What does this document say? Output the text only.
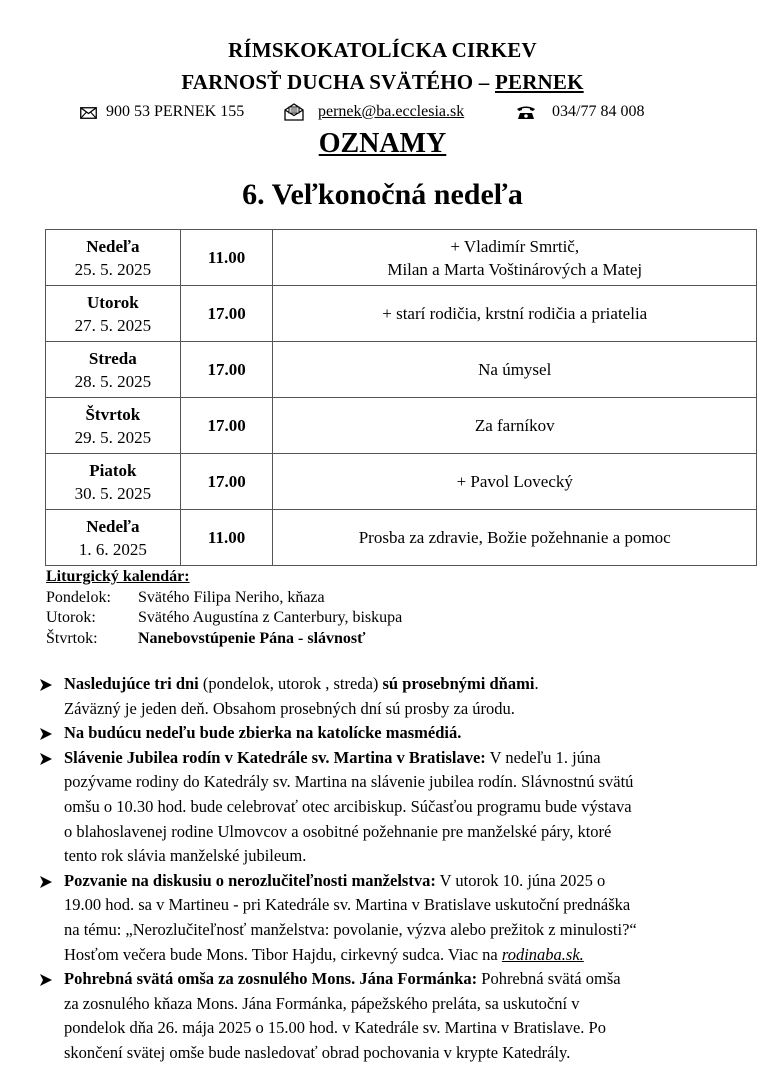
RÍMSKOKATOLÍCKA CIRKEV
FARNOSŤ DUCHA SVÄTÉHO – PERNEK
900 53 PERNEK 155	pernek@ba.ecclesia.sk	034/77 84 008
OZNAMY
6. Veľkonočná nedeľa
Nedeľa
25. 5. 2025	11.00	+ Vladimír Smrtič,
Milan a Marta Voštinárových a Matej

Utorok
27. 5. 2025	17.00	+ starí rodičia, krstní rodičia a priatelia

Streda
28. 5. 2025	17.00	Na úmysel

Štvrtok
29. 5. 2025	17.00	Za farníkov

Piatok
30. 5. 2025	17.00	+ Pavol Lovecký

Nedeľa
1. 6. 2025	11.00	Prosba za zdravie, Božie požehnanie a pomoc
Liturgický kalendár:
Pondelok: Svätého Filipa Neriho, kňaza
Utorok:	Svätého Augustína z Canterbury, biskupa
Štvrtok:	Nanebovstúpenie Pána - slávnosť

Nasledujúce tri dni (pondelok, utorok , streda) sú prosebnými dňami.
Záväzný je jeden deň. Obsahom prosebných dní sú prosby za úrodu.

Na budúcu nedeľu bude zbierka na katolícke masmédiá.

Slávenie Jubilea rodín v Katedrále sv. Martina v Bratislave: V nedeľu 1. júna
pozývame rodiny do Katedrály sv. Martina na slávenie jubilea rodín. Slávnostnú svätú
omšu o 10.30 hod. bude celebrovať otec arcibiskup. Súčasťou programu bude výstava
o blahoslavenej rodine Ulmovcov a osobitné požehnanie pre manželské páry, ktoré
tento rok slávia manželské jubileum.

Pozvanie na diskusiu o nerozlučiteľnosti manželstva: V utorok 10. júna 2025 o
19.00 hod. sa v Martineu - pri Katedrále sv. Martina v Bratislave uskutoční prednáška
na tému: „Nerozlučiteľnosť manželstva: povolanie, výzva alebo prežitok z minulosti?“
Hosťom večera bude Mons. Tibor Hajdu, cirkevný sudca. Viac na rodinaba.sk.

Pohrebná svätá omša za zosnulého Mons. Jána Formánka: Pohrebná svätá omša
za zosnulého kňaza Mons. Jána Formánka, pápežského preláta, sa uskutoční v
pondelok dňa 26. mája 2025 o 15.00 hod. v Katedrále sv. Martina v Bratislave. Po
skončení svätej omše bude nasledovať obrad pochovania v krypte Katedrály.
